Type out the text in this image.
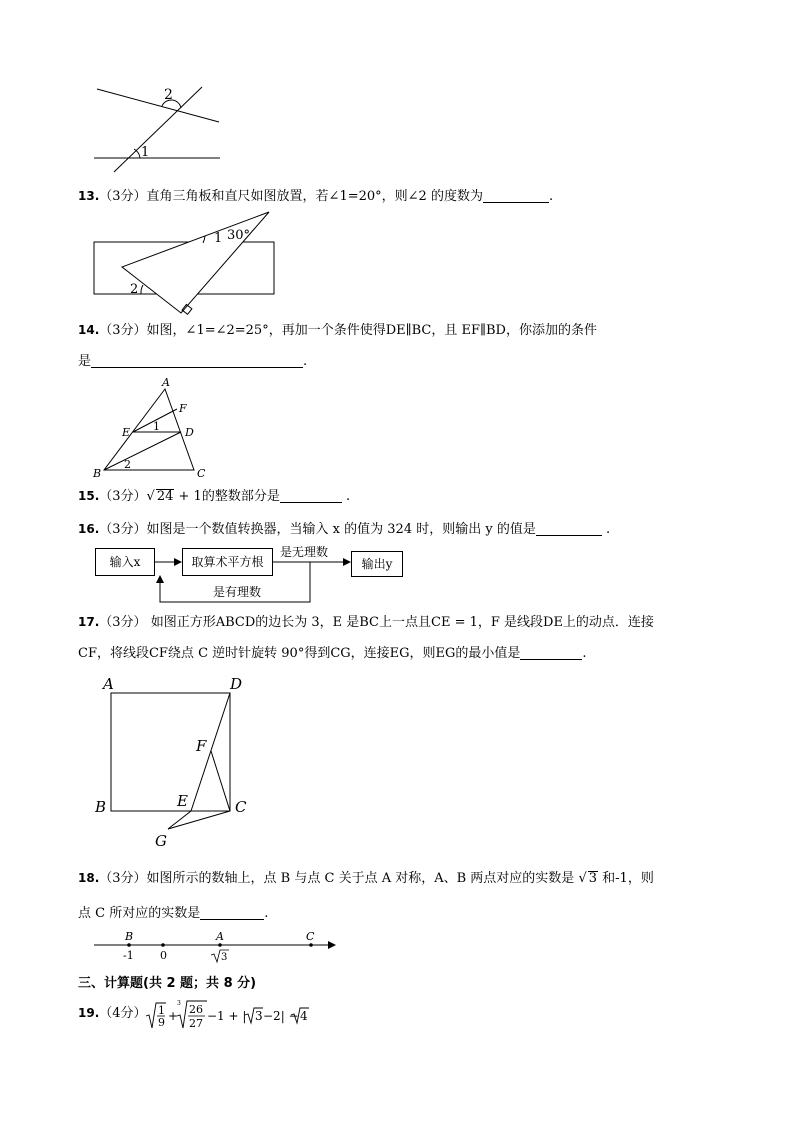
2
1
13.（3分）直角三角板和直尺如图放置，若∠1=20°，则∠2 的度数为	.
1 30°
2
14.（3分）如图，∠1=∠2=25°，再加一个条件使得DE∥BC，且 EF∥BD，你添加的条件
是	.
A
F
E	D
1
B
2
C
15.（3分）√ 24 + 1的整数部分是	.
16.（3分）如图是一个数值转换器，当输入 x 的值为 324 时，则输出 y 的值是	.
输入x	取算术平方根	输出y
是无理数
是有理数
17.（3分） 如图正方形ABCD的边长为 3，E 是BC上一点且CE = 1，F 是线段DE上的动点．连接
CF，将线段CF绕点 C 逆时针旋转 90°得到CG，连接EG，则EG的最小值是	.
A	D
F
B	E	C
G
18.（3分）如图所示的数轴上，点 B 与点 C 关于点 A 对称，A、B 两点对应的实数是 √ 3 和-1，则
点 C 所对应的实数是	.
B	A	C
-1 0	3
三、计算题(共 2 题；共 8 分)
19.（4分） 1
9 +
3 26
27
−1 + | 3 −2| − 4
